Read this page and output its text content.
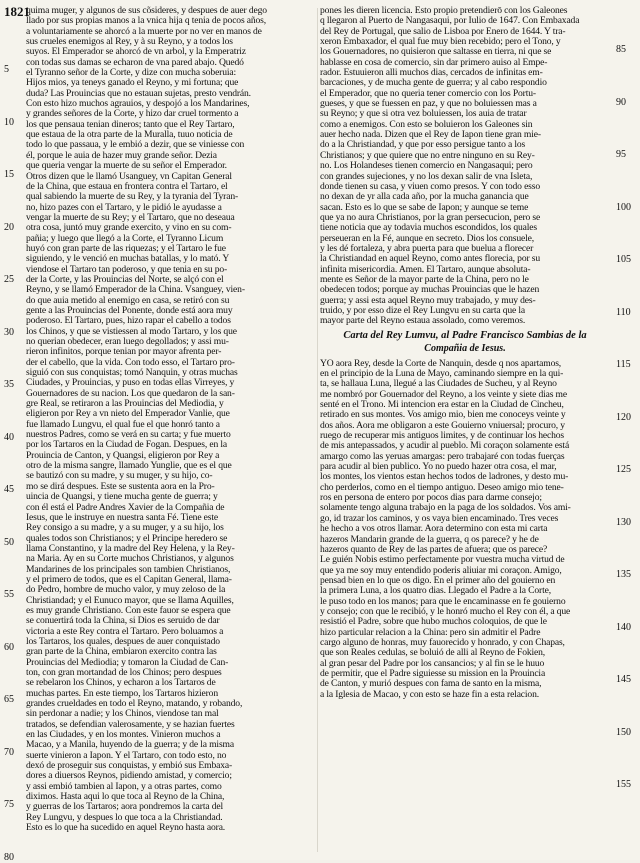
1821
5
10
15
20
25
30
35
40
45
50
55
60
65
70
75
80
85
90
95
100
105
110
115
120
125
130
135
140
145
150
155
quima muger, y algunos de sus cõsideres, y despues de auer dego
llado por sus propias manos a la vnica hija q tenia de pocos años,
a voluntariamente se ahorcó a la muerte por no ver en manos de
sus crueles enemigos al Rey, y à su Reyno, y a todos los
suyos. El Emperador se ahorcó de vn arbol, y la Emperatriz
con todas sus damas se echaron de vna pared abajo. Quedó
el Tyranno señor de la Corte, y dize con mucha soberuia:
Hijos mios, ya teneys ganado el Reyno, y mi fortuna; que
duda? Las Prouincias que no estauan sujetas, presto vendrán.
Con esto hizo muchos agrauios, y despojó a los Mandarines,
y grandes señores de la Corte, y hizo dar cruel tormento a
los que pensaua tenian dineros; tanto que el Rey Tartaro,
que estaua de la otra parte de la Muralla, tuuo noticia de
todo lo que passaua, y le embió a dezir, que se viniesse con
él, porque le auia de hazer muy grande señor. Dezia
que queria vengar la muerte de su señor el Emperador.
Otros dizen que le llamó Usanguey, vn Capitan General
de la China, que estaua en frontera contra el Tartaro, el
qual sabiendo la muerte de su Rey, y la tyrania del Tyran-
no, hizo pazes con el Tartaro, y le pidió le ayudasse a
vengar la muerte de su Rey; y el Tartaro, que no deseaua
otra cosa, juntó muy grande exercito, y vino en su com-
pañia; y luego que llegó a la Corte, el Tyranno Licum
huyó con gran parte de las riquezas; y el Tartaro le fue
siguiendo, y le venció en muchas batallas, y lo mató. Y
viendose el Tartaro tan poderoso, y que tenia en su po-
der la Corte, y las Prouincias del Norte, se alçó con el
Reyno, y se llamó Emperador de la China. Vsanguey, vien-
do que auia metido al enemigo en casa, se retiró con su
gente a las Prouincias del Ponente, donde está aora muy
poderoso. El Tartaro, pues, hizo rapar el cabello a todos
los Chinos, y que se vistiessen al modo Tartaro, y los que
no querian obedecer, eran luego degollados; y assi mu-
rieron infinitos, porque tenian por mayor afrenta per-
der el cabello, que la vida. Con todo esso, el Tartaro pro-
siguió con sus conquistas; tomó Nanquin, y otras muchas
Ciudades, y Prouincias, y puso en todas ellas Virreyes, y
Gouernadores de su nacion. Los que quedaron de la san-
gre Real, se retiraron a las Prouincias del Mediodia, y
eligieron por Rey a vn nieto del Emperador Vanlie, que
fue llamado Lungvu, el qual fue el que honró tanto a
nuestros Padres, como se verá en su carta; y fue muerto
por los Tartaros en la Ciudad de Fogan. Despues, en la
Prouincia de Canton, y Quangsi, eligieron por Rey a
otro de la misma sangre, llamado Yunglie, que es el que
se bautizó con su madre, y su muger, y su hijo, co-
mo se dirá despues. Este se sustenta aora en la Pro-
uincia de Quangsi, y tiene mucha gente de guerra; y
con él está el Padre Andres Xavier de la Compañia de
Iesus, que le instruye en nuestra santa Fé. Tiene este
Rey consigo a su madre, y a su muger, y a su hijo, los
quales todos son Christianos; y el Principe heredero se
llama Constantino, y la madre del Rey Helena, y la Rey-
na Maria. Ay en su Corte muchos Christianos, y algunos
Mandarines de los principales son tambien Christianos,
y el primero de todos, que es el Capitan General, llama-
do Pedro, hombre de mucho valor, y muy zeloso de la
Christiandad; y el Eunuco mayor, que se llama Aquilles,
es muy grande Christiano. Con este fauor se espera que
se conuertirá toda la China, si Dios es seruido de dar
victoria a este Rey contra el Tartaro. Pero boluamos a
los Tartaros, los quales, despues de auer conquistado
gran parte de la China, embiaron exercito contra las
Prouincias del Mediodia; y tomaron la Ciudad de Can-
ton, con gran mortandad de los Chinos; pero despues
se rebelaron los Chinos, y echaron a los Tartaros de
muchas partes. En este tiempo, los Tartaros hizieron
grandes crueldades en todo el Reyno, matando, y robando,
sin perdonar a nadie; y los Chinos, viendose tan mal
tratados, se defendian valerosamente, y se hazian fuertes
en las Ciudades, y en los montes. Vinieron muchos a
Macao, y a Manila, huyendo de la guerra; y de la misma
suerte vinieron a Iapon. Y el Tartaro, con todo esto, no
dexó de proseguir sus conquistas, y embió sus Embaxa-
dores a diuersos Reynos, pidiendo amistad, y comercio;
y assi embió tambien al Iapon, y a otras partes, como
diximos. Hasta aqui lo que toca al Reyno de la China,
y guerras de los Tartaros; aora pondremos la carta del
Rey Lungvu, y despues lo que toca a la Christiandad.
Esto es lo que ha sucedido en aquel Reyno hasta aora.
pones les dieren licencia. Esto propio pretendierō con los Galeones
q llegaron al Puerto de Nangasaqui, por Iulio de 1647. Con Embaxada
del Rey de Portugal, que salio de Lisboa por Enero de 1644. Y tra-
xeron Embaxador, el qual fue muy bien recebido; pero el Tono, y
los Gouernadores, no quisieron que saltasse en tierra, ni que se
hablasse en cosa de comercio, sin dar primero auiso al Empe-
rador. Estuuieron alli muchos dias, cercados de infinitas em-
barcaciones, y de mucha gente de guerra; y al cabo respondio
el Emperador, que no queria tener comercio con los Portu-
gueses, y que se fuessen en paz, y que no boluiessen mas a
su Reyno; y que si otra vez boluiessen, los auia de tratar
como a enemigos. Con esto se boluieron los Galeones sin
auer hecho nada. Dizen que el Rey de Iapon tiene gran mie-
do a la Christiandad, y que por esso persigue tanto a los
Christianos; y que quiere que no entre ninguno en su Rey-
no. Los Holandeses tienen comercio en Nangasaqui; pero
con grandes sujeciones, y no los dexan salir de vna Isleta,
donde tienen su casa, y viuen como presos. Y con todo esso
no dexan de yr alla cada año, por la mucha ganancia que
sacan. Esto es lo que se sabe de Iapon; y aunque se teme
que ya no aura Christianos, por la gran persecucion, pero se
tiene noticia que ay todavia muchos escondidos, los quales
perseueran en la Fé, aunque en secreto. Dios los consuele,
y les dé fortaleza, y abra puerta para que buelua a florecer
la Christiandad en aquel Reyno, como antes florecia, por su
infinita misericordia. Amen. El Tartaro, aunque absoluta-
mente es Señor de la mayor parte de la China, pero no le
obedecen todos; porque ay muchas Prouincias que le hazen
guerra; y assi esta aquel Reyno muy trabajado, y muy des-
truido, y por esso dize el Rey Lungvu en su carta que la
mayor parte del Reyno estaua assolado, como veremos.
Carta del Rey Lumvu, al Padre Francisco Sambias de la
Compañia de Iesus.
YO aora Rey, desde la Corte de Nanquin, desde q nos apartamos,
en el principio de la Luna de Mayo, caminando siempre en la qui-
ta, se hallaua Luna, llegué a las Ciudades de Sucheu, y al Reyno
me nombró por Gouernador del Reyno, a los veinte y siete dias me
senté en el Trono. Mi intencion era estar en la Ciudad de Cincheu,
retirado en sus montes. Vos amigo mio, bien me conoceys veinte y
dos años. Aora me obligaron a este Gouierno vniuersal; procuro, y
ruego de recuperar mis antiguos limites, y de continuar los hechos
de mis antepassados, y acudir al pueblo. Mi coraçon solamente está
amargo como las yeruas amargas: pero trabajaré con todas fuerças
para acudir al bien publico. Yo no puedo hazer otra cosa, el mar,
los montes, los vientos estan hechos todos de ladrones, y desto mu-
cho perderlos, como en el tiempo antiguo. Deseo amigo mio tene-
ros en persona de entero por pocos dias para darme consejo;
solamente tengo alguna trabajo en la paga de los soldados. Vos ami-
go, id trazar los caminos, y os vaya bien encaminado. Tres veces
he hecho a vos otros llamar. Aora determino con esta mi carta
hazeros Mandarin grande de la guerra, q os parece? y he de
hazeros quanto de Rey de las partes de afuera; que os parece?
Le guién Nobis estimo perfectamente por vuestra mucha virtud de
que ya me soy muy entendido poderis aliuiar mi coraçon. Amigo,
pensad bien en lo que os digo. En el primer año del gouierno en
la primera Luna, a los quatro dias. Llegado el Padre a la Corte,
le puso todo en los manos; para que le encaminasse en fe gouierno
y consejo; con que le recibió, y le honró mucho el Rey con él, a que
resistió el Padre, sobre que hubo muchos coloquios, de que le
hizo particular relacion a la China: pero sin admitir el Padre
cargo alguno de honras, muy fauorecido y honrado, y con Chapas,
que son Reales cedulas, se boluió de alli al Reyno de Fokien,
al gran pesar del Padre por los cansancios; y al fin se le huuo
de permitir, que el Padre siguiesse su mission en la Prouincia
de Canton, y murió despues con fama de santo en la misma,
a la Iglesia de Macao, y con esto se haze fin a esta relacion.
